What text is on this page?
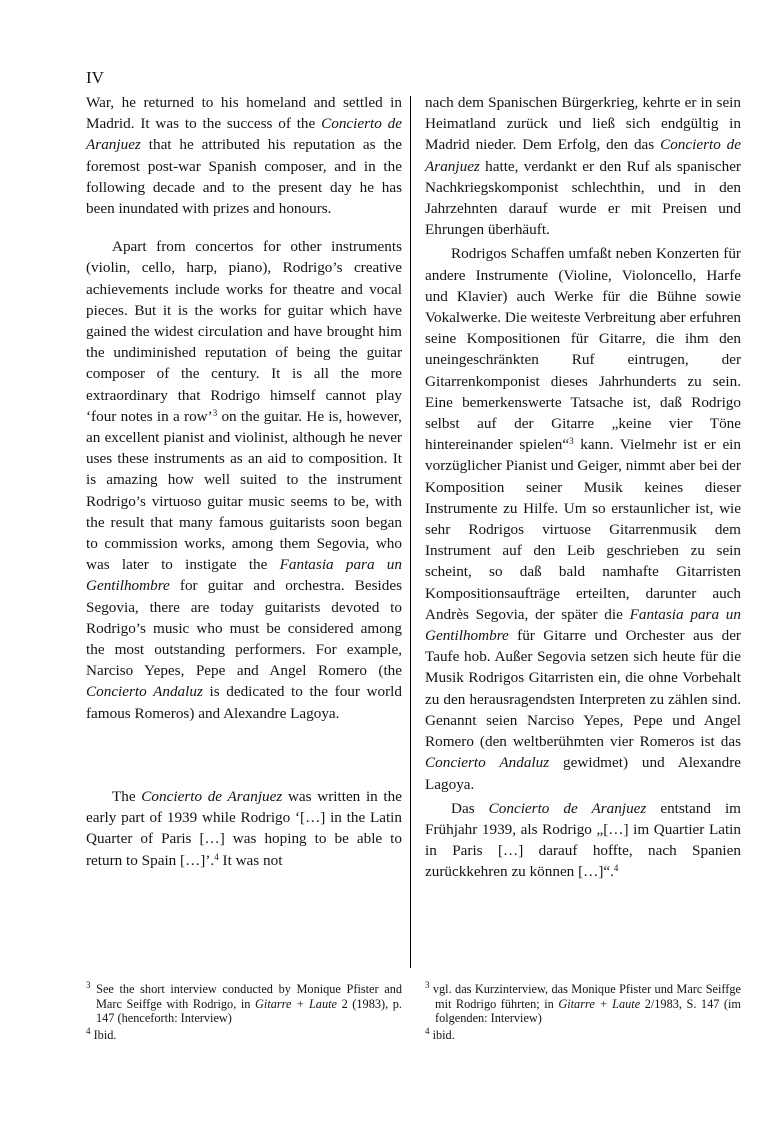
IV

War, he returned to his homeland and settled in Madrid. It was to the success of the Concierto de Aranjuez that he attributed his reputation as the foremost post-war Spanish composer, and in the following decade and to the present day he has been inundated with prizes and honours.

Apart from concertos for other instruments (violin, cello, harp, piano), Rodrigo’s creative achievements include works for theatre and vocal pieces. But it is the works for guitar which have gained the widest circulation and have brought him the undiminished reputation of being the guitar composer of the century. It is all the more extraordinary that Rodrigo himself cannot play ‘four notes in a row’$^3$ on the guitar. He is, however, an excellent pianist and violinist, although he never uses these instruments as an aid to composition. It is amazing how well suited to the instrument Rodrigo’s virtuoso guitar music seems to be, with the result that many famous guitarists soon began to commission works, among them Segovia, who was later to instigate the Fantasia para un Gentilhombre for guitar and orchestra. Besides Segovia, there are today guitarists devoted to Rodrigo’s music who must be considered among the most outstanding performers. For example, Narciso Yepes, Pepe and Angel Romero (the Concierto Andaluz is dedicated to the four world famous Romeros) and Alexandre Lagoya.

The Concierto de Aranjuez was written in the early part of 1939 while Rodrigo ‘[…] in the Latin Quarter of Paris […] was hoping to be able to return to Spain […]’.$^4$ It was not

nach dem Spanischen Bürgerkrieg, kehrte er in sein Heimatland zurück und ließ sich endgültig in Madrid nieder. Dem Erfolg, den das Concierto de Aranjuez hatte, verdankt er den Ruf als spanischer Nachkriegskomponist schlechthin, und in den Jahrzehnten darauf wurde er mit Preisen und Ehrungen überhäuft.

Rodrigos Schaffen umfaßt neben Konzerten für andere Instrumente (Violine, Violoncello, Harfe und Klavier) auch Werke für die Bühne sowie Vokalwerke. Die weiteste Verbreitung aber erfuhren seine Kompositionen für Gitarre, die ihm den uneingeschränkten Ruf eintrugen, der Gitarrenkomponist dieses Jahrhunderts zu sein. Eine bemerkenswerte Tatsache ist, daß Rodrigo selbst auf der Gitarre „keine vier Töne hintereinander spielen“$^3$ kann. Vielmehr ist er ein vorzüglicher Pianist und Geiger, nimmt aber bei der Komposition seiner Musik keines dieser Instrumente zu Hilfe. Um so erstaunlicher ist, wie sehr Rodrigos virtuose Gitarrenmusik dem Instrument auf den Leib geschrieben zu sein scheint, so daß bald namhafte Gitarristen Kompositionsaufträge erteilten, darunter auch Andrès Segovia, der später die Fantasia para un Gentilhombre für Gitarre und Orchester aus der Taufe hob. Außer Segovia setzen sich heute für die Musik Rodrigos Gitarristen ein, die ohne Vorbehalt zu den herausragendsten Interpreten zu zählen sind. Genannt seien Narciso Yepes, Pepe und Angel Romero (den weltberühmten vier Romeros ist das Concierto Andaluz gewidmet) und Alexandre Lagoya.

Das Concierto de Aranjuez entstand im Frühjahr 1939, als Rodrigo „[…] im Quartier Latin in Paris […] darauf hoffte, nach Spanien zurückkehren zu können […]“.$^4$

$^3$ See the short interview conducted by Monique Pfister and Marc Seiffge with Rodrigo, in Gitarre + Laute 2 (1983), p. 147 (henceforth: Interview)
$^4$ Ibid.
$^3$ vgl. das Kurzinterview, das Monique Pfister und Marc Seiffge mit Rodrigo führten; in Gitarre + Laute 2/1983, S. 147 (im folgenden: Interview)
$^4$ ibid.
